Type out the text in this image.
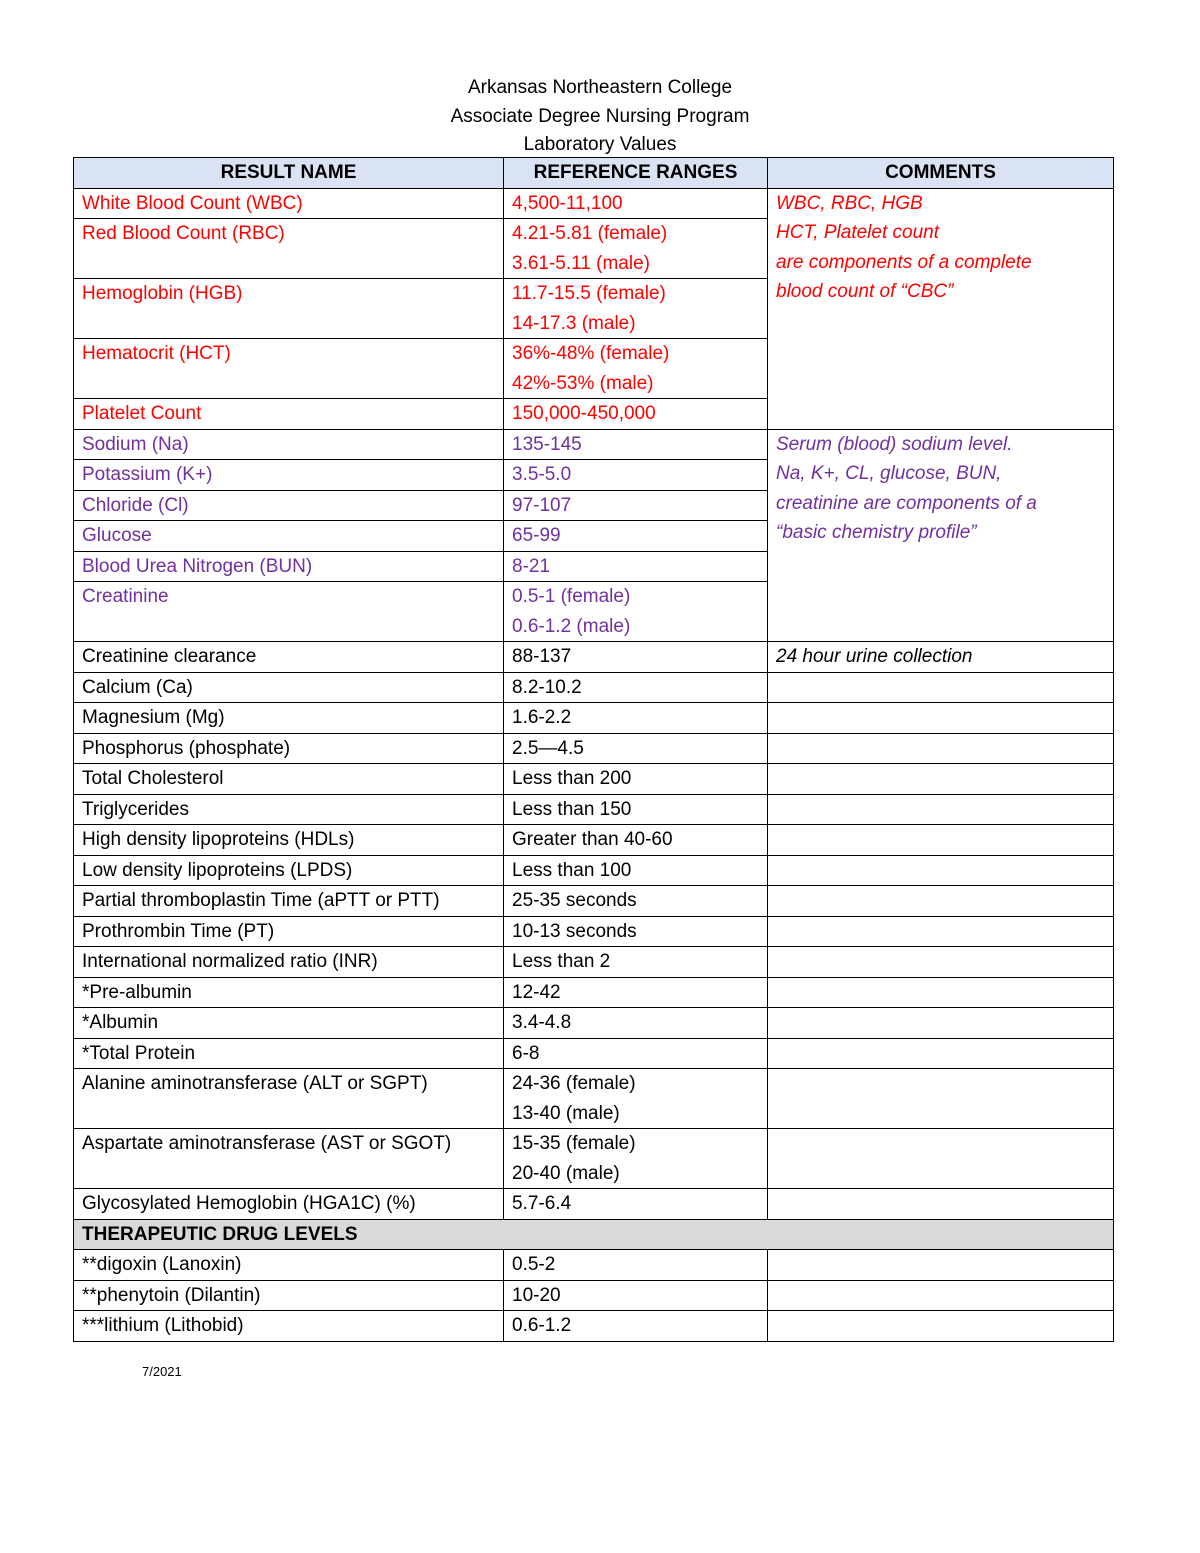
Arkansas Northeastern College
Associate Degree Nursing Program
Laboratory Values
RESULT NAME	REFERENCE RANGES	COMMENTS
White Blood Count (WBC)	4,500-11,100	WBC, RBC, HGB
HCT, Platelet count
are components of a complete
blood count of “CBC”

Red Blood Count (RBC)	4.21-5.81 (female)
3.61-5.11 (male)	

Hemoglobin (HGB)	11.7-15.5 (female)
14-17.3 (male)	

Hematocrit (HCT)	36%-48% (female)
42%-53% (male)	

Platelet Count	150,000-450,000	

Sodium (Na)	135-145	Serum (blood) sodium level.
Na, K+, CL, glucose, BUN,
creatinine are components of a
“basic chemistry profile”

Potassium (K+)	3.5-5.0	

Chloride (Cl)	97-107	

Glucose	65-99	

Blood Urea Nitrogen (BUN)	8-21	

Creatinine	0.5-1 (female)
0.6-1.2 (male)	

Creatinine clearance	88-137	24 hour urine collection
Calcium (Ca)	8.2-10.2	

Magnesium (Mg)	1.6-2.2	

Phosphorus (phosphate)	2.5—4.5	

Total Cholesterol	Less than 200	

Triglycerides	Less than 150	

High density lipoproteins (HDLs)	Greater than 40-60	

Low density lipoproteins (LPDS)	Less than 100	

Partial thromboplastin Time (aPTT or PTT)	25-35 seconds	

Prothrombin Time (PT)	10-13 seconds	

International normalized ratio (INR)	Less than 2	

*Pre-albumin	12-42	

*Albumin	3.4-4.8	

*Total Protein	6-8	

Alanine aminotransferase (ALT or SGPT)	24-36 (female)
13-40 (male)	

Aspartate aminotransferase (AST or SGOT)	15-35 (female)
20-40 (male)	

Glycosylated Hemoglobin (HGA1C) (%)	5.7-6.4	

THERAPEUTIC DRUG LEVELS		
**digoxin (Lanoxin)	0.5-2	

**phenytoin (Dilantin)	10-20	

***lithium (Lithobid)	0.6-1.2	

7/2021
